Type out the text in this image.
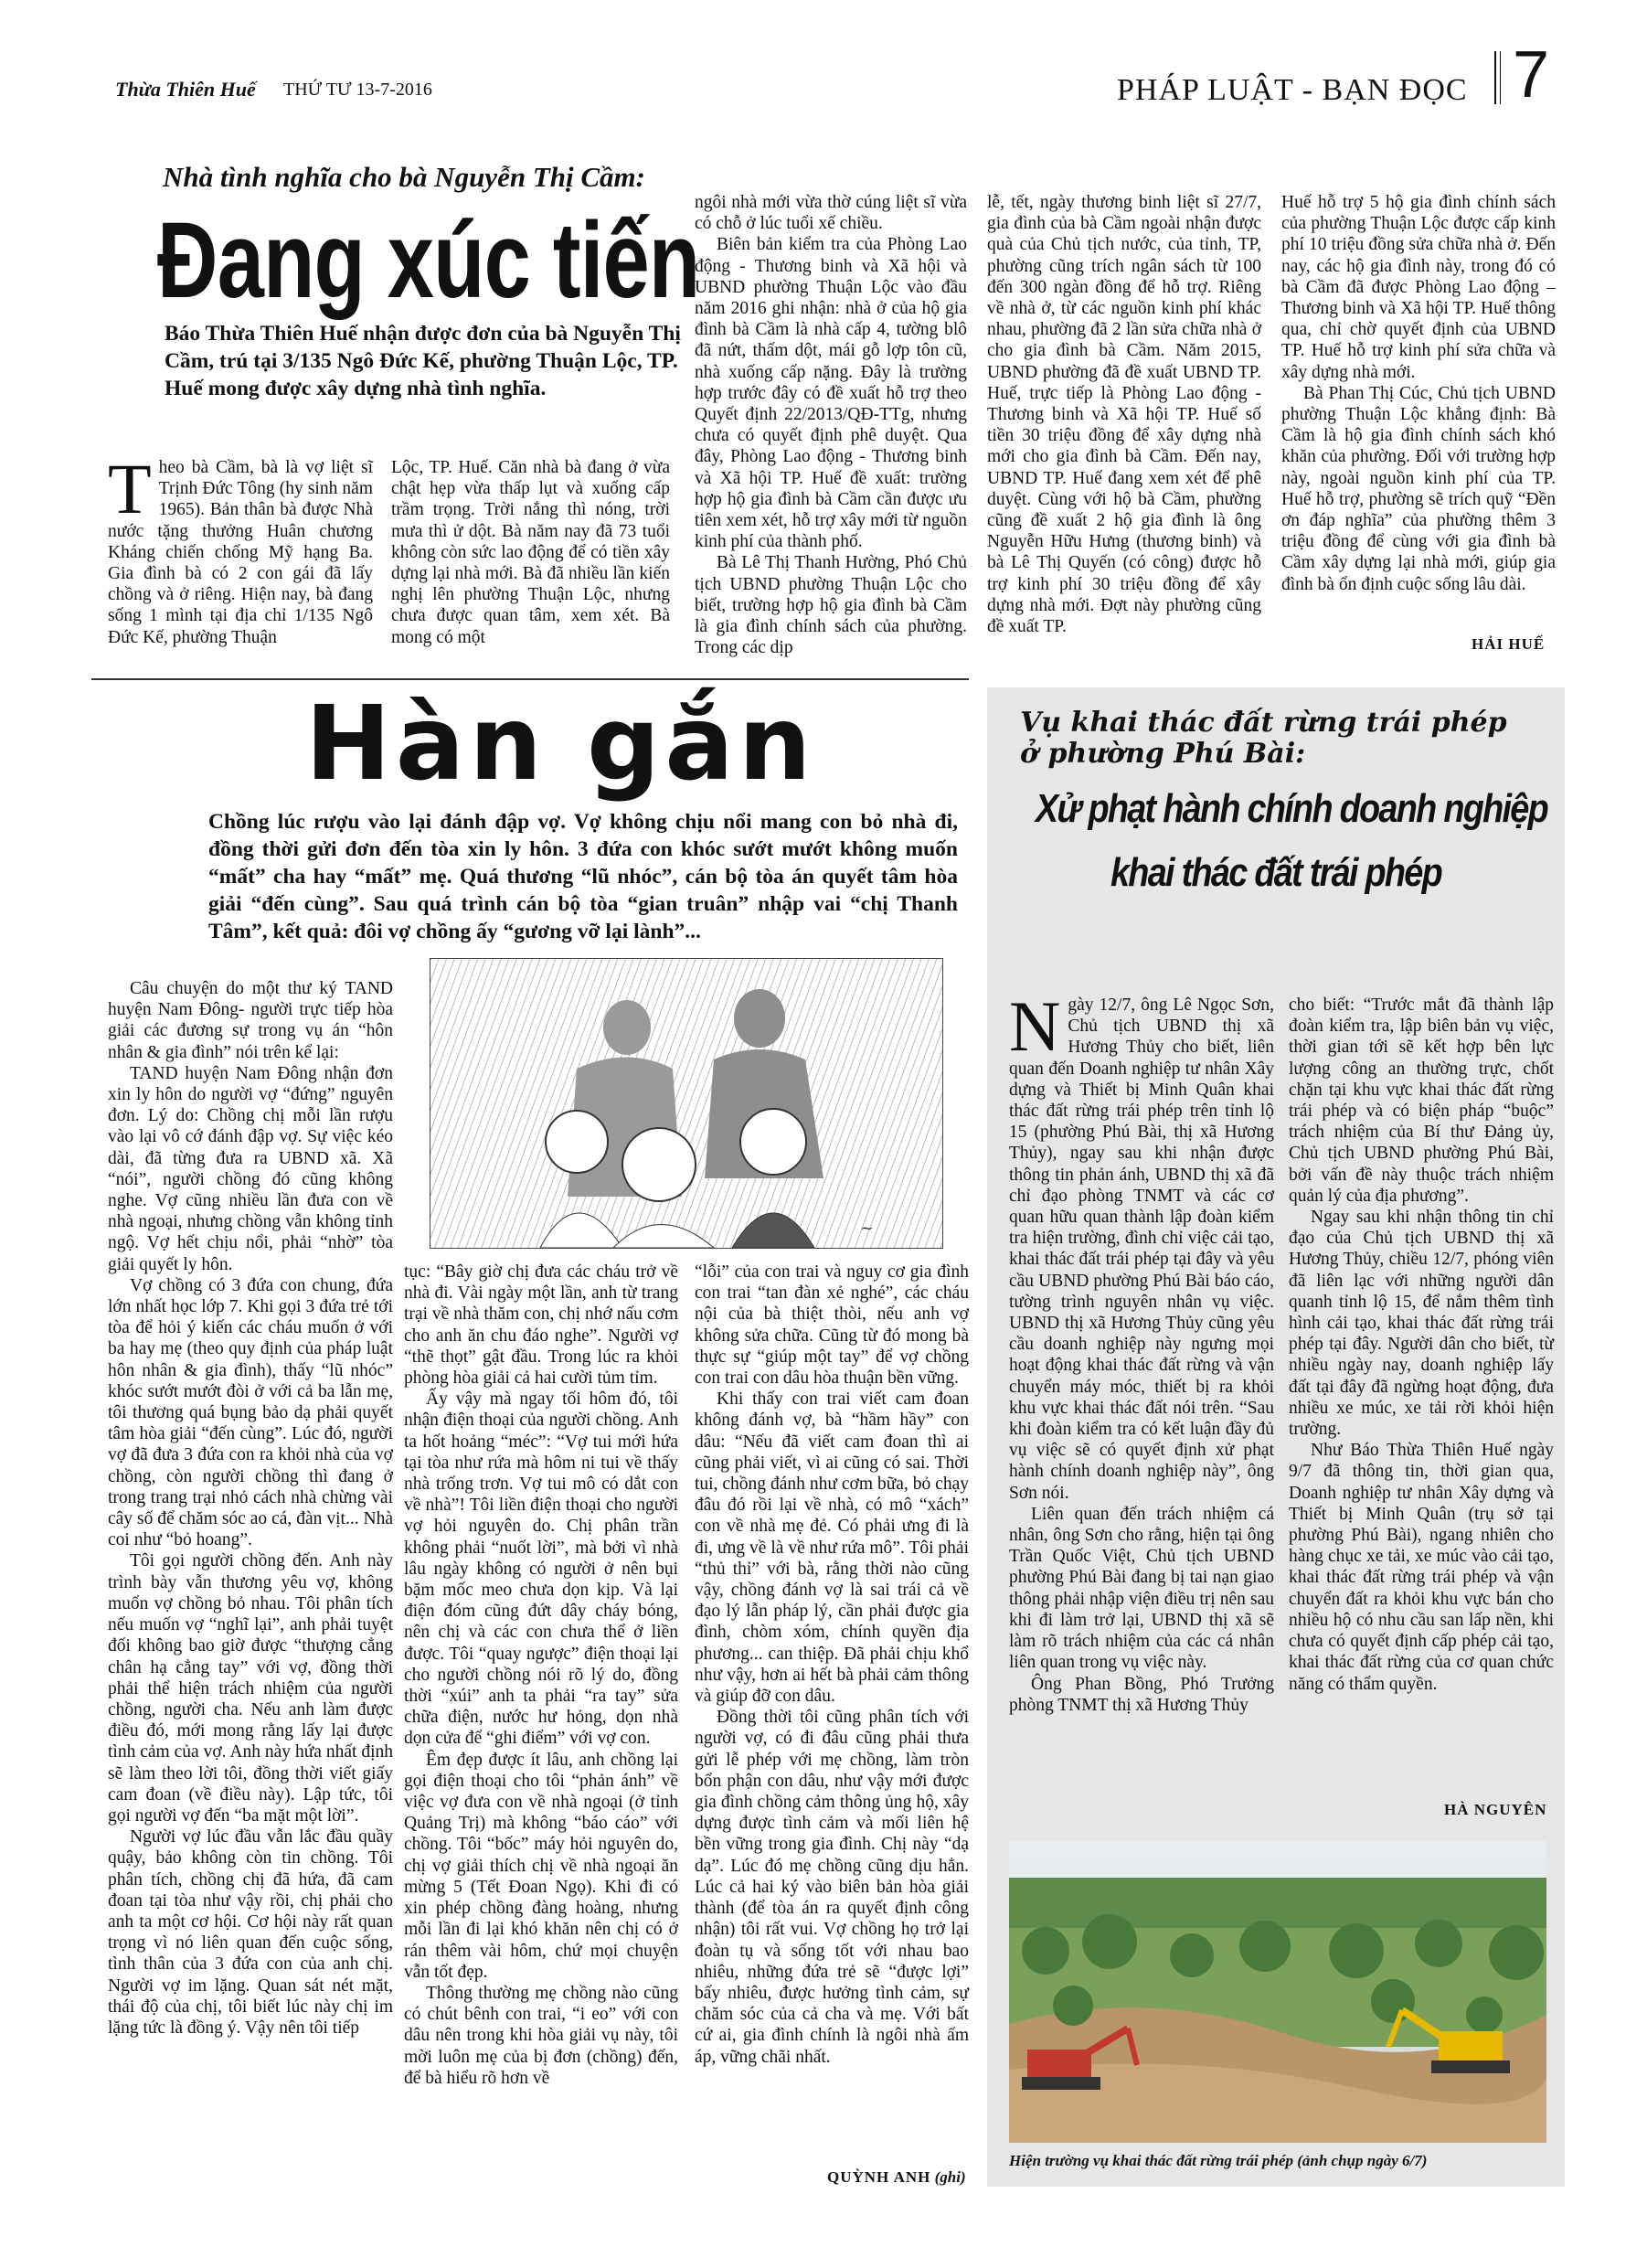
Thừa Thiên Huế THỨ TƯ 13-7-2016	PHÁP LUẬT - BẠN ĐỌC 7
Nhà tình nghĩa cho bà Nguyễn Thị Cầm:
Đang xúc tiến
Báo Thừa Thiên Huế nhận được đơn của bà Nguyễn Thị Cầm, trú tại 3/135 Ngô Đức Kế, phường Thuận Lộc, TP. Huế mong được xây dựng nhà tình nghĩa.

Theo bà Cầm, bà là vợ liệt sĩ Trịnh Đức Tông (hy sinh năm 1965). Bản thân bà được Nhà nước tặng thưởng Huân chương Kháng chiến chống Mỹ hạng Ba. Gia đình bà có 2 con gái đã lấy chồng và ở riêng. Hiện nay, bà đang sống 1 mình tại địa chỉ 1/135 Ngô Đức Kế, phường Thuận

Lộc, TP. Huế. Căn nhà bà đang ở vừa chật hẹp vừa thấp lụt và xuống cấp trầm trọng. Trời nắng thì nóng, trời mưa thì ử dột. Bà năm nay đã 73 tuổi không còn sức lao động để có tiền xây dựng lại nhà mới. Bà đã nhiều lần kiến nghị lên phường Thuận Lộc, nhưng chưa được quan tâm, xem xét. Bà mong có một

ngôi nhà mới vừa thờ cúng liệt sĩ vừa có chỗ ở lúc tuổi xế chiều.

Biên bản kiểm tra của Phòng Lao động - Thương binh và Xã hội và UBND phường Thuận Lộc vào đầu năm 2016 ghi nhận: nhà ở của hộ gia đình bà Cầm là nhà cấp 4, tường blô đã nứt, thấm dột, mái gỗ lợp tôn cũ, nhà xuống cấp nặng. Đây là trường hợp trước đây có đề xuất hỗ trợ theo Quyết định 22/2013/QĐ-TTg, nhưng chưa có quyết định phê duyệt. Qua đây, Phòng Lao động - Thương binh và Xã hội TP. Huế đề xuất: trường hợp hộ gia đình bà Cầm cần được ưu tiên xem xét, hỗ trợ xây mới từ nguồn kinh phí của thành phố.

Bà Lê Thị Thanh Hường, Phó Chủ tịch UBND phường Thuận Lộc cho biết, trường hợp hộ gia đình bà Cầm là gia đình chính sách của phường. Trong các dịp

lễ, tết, ngày thương binh liệt sĩ 27/7, gia đình của bà Cầm ngoài nhận được quà của Chủ tịch nước, của tỉnh, TP, phường cũng trích ngân sách từ 100 đến 300 ngàn đồng để hỗ trợ. Riêng về nhà ở, từ các nguồn kinh phí khác nhau, phường đã 2 lần sửa chữa nhà ở cho gia đình bà Cầm. Năm 2015, UBND phường đã đề xuất UBND TP. Huế, trực tiếp là Phòng Lao động - Thương binh và Xã hội TP. Huế số tiền 30 triệu đồng để xây dựng nhà mới cho gia đình bà Cầm. Đến nay, UBND TP. Huế đang xem xét để phê duyệt. Cùng với hộ bà Cầm, phường cũng đề xuất 2 hộ gia đình là ông Nguyễn Hữu Hưng (thương binh) và bà Lê Thị Quyến (có công) được hỗ trợ kinh phí 30 triệu đồng để xây dựng nhà mới. Đợt này phường cũng đề xuất TP.

Huế hỗ trợ 5 hộ gia đình chính sách của phường Thuận Lộc được cấp kinh phí 10 triệu đồng sửa chữa nhà ở. Đến nay, các hộ gia đình này, trong đó có bà Cầm đã được Phòng Lao động – Thương binh và Xã hội TP. Huế thông qua, chỉ chờ quyết định của UBND TP. Huế hỗ trợ kinh phí sửa chữa và xây dựng nhà mới.

Bà Phan Thị Cúc, Chủ tịch UBND phường Thuận Lộc khẳng định: Bà Cầm là hộ gia đình chính sách khó khăn của phường. Đối với trường hợp này, ngoài nguồn kinh phí của TP. Huế hỗ trợ, phường sẽ trích quỹ “Đền ơn đáp nghĩa” của phường thêm 3 triệu đồng để cùng với gia đình bà Cầm xây dựng lại nhà mới, giúp gia đình bà ổn định cuộc sống lâu dài.

HẢI HUẾ
Hàn gắn
Chồng lúc rượu vào lại đánh đập vợ. Vợ không chịu nổi mang con bỏ nhà đi, đồng thời gửi đơn đến tòa xin ly hôn. 3 đứa con khóc sướt mướt không muốn “mất” cha hay “mất” mẹ. Quá thương “lũ nhóc”, cán bộ tòa án quyết tâm hòa giải “đến cùng”. Sau quá trình cán bộ tòa “gian truân” nhập vai “chị Thanh Tâm”, kết quả: đôi vợ chồng ấy “gương vỡ lại lành”...
~

Câu chuyện do một thư ký TAND huyện Nam Đông- người trực tiếp hòa giải các đương sự trong vụ án “hôn nhân & gia đình” nói trên kể lại:

TAND huyện Nam Đông nhận đơn xin ly hôn do người vợ “đứng” nguyên đơn. Lý do: Chồng chị mỗi lần rượu vào lại vô cớ đánh đập vợ. Sự việc kéo dài, đã từng đưa ra UBND xã. Xã “nói”, người chồng đó cũng không nghe. Vợ cũng nhiều lần đưa con về nhà ngoại, nhưng chồng vẫn không tỉnh ngộ. Vợ hết chịu nổi, phải “nhờ” tòa giải quyết ly hôn.

Vợ chồng có 3 đứa con chung, đứa lớn nhất học lớp 7. Khi gọi 3 đứa trẻ tới tòa để hỏi ý kiến các cháu muốn ở với ba hay mẹ (theo quy định của pháp luật hôn nhân & gia đình), thấy “lũ nhóc” khóc sướt mướt đòi ở với cả ba lẫn mẹ, tôi thương quá bụng bảo dạ phải quyết tâm hòa giải “đến cùng”. Lúc đó, người vợ đã đưa 3 đứa con ra khỏi nhà của vợ chồng, còn người chồng thì đang ở trong trang trại nhỏ cách nhà chừng vài cây số để chăm sóc ao cá, đàn vịt... Nhà coi như “bỏ hoang”.

Tôi gọi người chồng đến. Anh này trình bày vẫn thương yêu vợ, không muốn vợ chồng bỏ nhau. Tôi phân tích nếu muốn vợ “nghĩ lại”, anh phải tuyệt đối không bao giờ được “thượng cẳng chân hạ cẳng tay” với vợ, đồng thời phải thể hiện trách nhiệm của người chồng, người cha. Nếu anh làm được điều đó, mới mong rằng lấy lại được tình cảm của vợ. Anh này hứa nhất định sẽ làm theo lời tôi, đồng thời viết giấy cam đoan (về điều này). Lập tức, tôi gọi người vợ đến “ba mặt một lời”.

Người vợ lúc đầu vẫn lắc đầu quầy quậy, bảo không còn tin chồng. Tôi phân tích, chồng chị đã hứa, đã cam đoan tại tòa như vậy rồi, chị phải cho anh ta một cơ hội. Cơ hội này rất quan trọng vì nó liên quan đến cuộc sống, tình thân của 3 đứa con của anh chị. Người vợ im lặng. Quan sát nét mặt, thái độ của chị, tôi biết lúc này chị im lặng tức là đồng ý. Vậy nên tôi tiếp

tục: “Bây giờ chị đưa các cháu trở về nhà đi. Vài ngày một lần, anh từ trang trại về nhà thăm con, chị nhớ nấu cơm cho anh ăn chu đáo nghe”. Người vợ “thẽ thọt” gật đầu. Trong lúc ra khỏi phòng hòa giải cả hai cười tủm tỉm.

Ấy vậy mà ngay tối hôm đó, tôi nhận điện thoại của người chồng. Anh ta hốt hoảng “méc”: “Vợ tui mới hứa tại tòa như rứa mà hôm ni tui về thấy nhà trống trơn. Vợ tui mô có dắt con về nhà”! Tôi liền điện thoại cho người vợ hỏi nguyên do. Chị phân trần không phải “nuốt lời”, mà bởi vì nhà lâu ngày không có người ở nên bụi bặm mốc meo chưa dọn kịp. Và lại điện đóm cũng đứt dây cháy bóng, nên chị và các con chưa thể ở liền được. Tôi “quay ngược” điện thoại lại cho người chồng nói rõ lý do, đồng thời “xúi” anh ta phải “ra tay” sửa chữa điện, nước hư hỏng, dọn nhà dọn cửa để “ghi điểm” với vợ con.

Êm đẹp được ít lâu, anh chồng lại gọi điện thoại cho tôi “phản ánh” về việc vợ đưa con về nhà ngoại (ở tỉnh Quảng Trị) mà không “báo cáo” với chồng. Tôi “bốc” máy hỏi nguyên do, chị vợ giải thích chị về nhà ngoại ăn mừng 5 (Tết Đoan Ngọ). Khi đi có xin phép chồng đàng hoàng, nhưng mỗi lần đi lại khó khăn nên chị có ở rán thêm vài hôm, chứ mọi chuyện vẫn tốt đẹp.

Thông thường mẹ chồng nào cũng có chút bênh con trai, “i eo” với con dâu nên trong khi hòa giải vụ này, tôi mời luôn mẹ của bị đơn (chồng) đến, để bà hiểu rõ hơn về

“lỗi” của con trai và nguy cơ gia đình con trai “tan đàn xẻ nghé”, các cháu nội của bà thiệt thòi, nếu anh vợ không sửa chữa. Cũng từ đó mong bà thực sự “giúp một tay” để vợ chồng con trai con dâu hòa thuận bền vững.

Khi thấy con trai viết cam đoan không đánh vợ, bà “hầm hầy” con dâu: “Nếu đã viết cam đoan thì ai cũng phải viết, vì ai cũng có sai. Thời tui, chồng đánh như cơm bữa, bỏ chạy đâu đó rồi lại về nhà, có mô “xách” con về nhà mẹ đẻ. Có phải ưng đi là đi, ưng về là về như rứa mô”. Tôi phải “thủ thỉ” với bà, rằng thời nào cũng vậy, chồng đánh vợ là sai trái cả về đạo lý lẫn pháp lý, cần phải được gia đình, chòm xóm, chính quyền địa phương... can thiệp. Đã phải chịu khổ như vậy, hơn ai hết bà phải cảm thông và giúp đỡ con dâu.

Đồng thời tôi cũng phân tích với người vợ, có đi đâu cũng phải thưa gửi lễ phép với mẹ chồng, làm tròn bổn phận con dâu, như vậy mới được gia đình chồng cảm thông ủng hộ, xây dựng được tình cảm và mối liên hệ bền vững trong gia đình. Chị này “dạ dạ”. Lúc đó mẹ chồng cũng dịu hẳn. Lúc cả hai ký vào biên bản hòa giải thành (để tòa án ra quyết định công nhận) tôi rất vui. Vợ chồng họ trở lại đoàn tụ và sống tốt với nhau bao nhiêu, những đứa trẻ sẽ “được lợi” bấy nhiêu, được hưởng tình cảm, sự chăm sóc của cả cha và mẹ. Với bất cứ ai, gia đình chính là ngôi nhà ấm áp, vững chãi nhất.

QUỲNH ANH (ghi)
Vụ khai thác đất rừng trái phép ở phường Phú Bài:
Xử phạt hành chính doanh nghiệp
khai thác đất trái phép

Ngày 12/7, ông Lê Ngọc Sơn, Chủ tịch UBND thị xã Hương Thủy cho biết, liên quan đến Doanh nghiệp tư nhân Xây dựng và Thiết bị Minh Quân khai thác đất rừng trái phép trên tỉnh lộ 15 (phường Phú Bài, thị xã Hương Thủy), ngay sau khi nhận được thông tin phản ánh, UBND thị xã đã chỉ đạo phòng TNMT và các cơ quan hữu quan thành lập đoàn kiểm tra hiện trường, đình chỉ việc cải tạo, khai thác đất trái phép tại đây và yêu cầu UBND phường Phú Bài báo cáo, tường trình nguyên nhân vụ việc. UBND thị xã Hương Thủy cũng yêu cầu doanh nghiệp này ngưng mọi hoạt động khai thác đất rừng và vận chuyển máy móc, thiết bị ra khỏi khu vực khai thác đất nói trên. “Sau khi đoàn kiểm tra có kết luận đầy đủ vụ việc sẽ có quyết định xử phạt hành chính doanh nghiệp này”, ông Sơn nói.

Liên quan đến trách nhiệm cá nhân, ông Sơn cho rằng, hiện tại ông Trần Quốc Việt, Chủ tịch UBND phường Phú Bài đang bị tai nạn giao thông phải nhập viện điều trị nên sau khi đi làm trở lại, UBND thị xã sẽ làm rõ trách nhiệm của các cá nhân liên quan trong vụ việc này.

Ông Phan Bồng, Phó Trưởng phòng TNMT thị xã Hương Thủy

cho biết: “Trước mắt đã thành lập đoàn kiểm tra, lập biên bản vụ việc, thời gian tới sẽ kết hợp bên lực lượng công an thường trực, chốt chặn tại khu vực khai thác đất rừng trái phép và có biện pháp “buộc” trách nhiệm của Bí thư Đảng ủy, Chủ tịch UBND phường Phú Bài, bởi vấn đề này thuộc trách nhiệm quản lý của địa phương”.

Ngay sau khi nhận thông tin chỉ đạo của Chủ tịch UBND thị xã Hương Thủy, chiều 12/7, phóng viên đã liên lạc với những người dân quanh tỉnh lộ 15, để nắm thêm tình hình cải tạo, khai thác đất rừng trái phép tại đây. Người dân cho biết, từ nhiều ngày nay, doanh nghiệp lấy đất tại đây đã ngừng hoạt động, đưa nhiều xe múc, xe tải rời khỏi hiện trường.

Như Báo Thừa Thiên Huế ngày 9/7 đã thông tin, thời gian qua, Doanh nghiệp tư nhân Xây dựng và Thiết bị Minh Quân (trụ sở tại phường Phú Bài), ngang nhiên cho hàng chục xe tải, xe múc vào cải tạo, khai thác đất rừng trái phép và vận chuyển đất ra khỏi khu vực bán cho nhiều hộ có nhu cầu san lấp nền, khi chưa có quyết định cấp phép cải tạo, khai thác đất rừng của cơ quan chức năng có thẩm quyền.

HÀ NGUYÊN
Hiện trường vụ khai thác đất rừng trái phép (ảnh chụp ngày 6/7)
